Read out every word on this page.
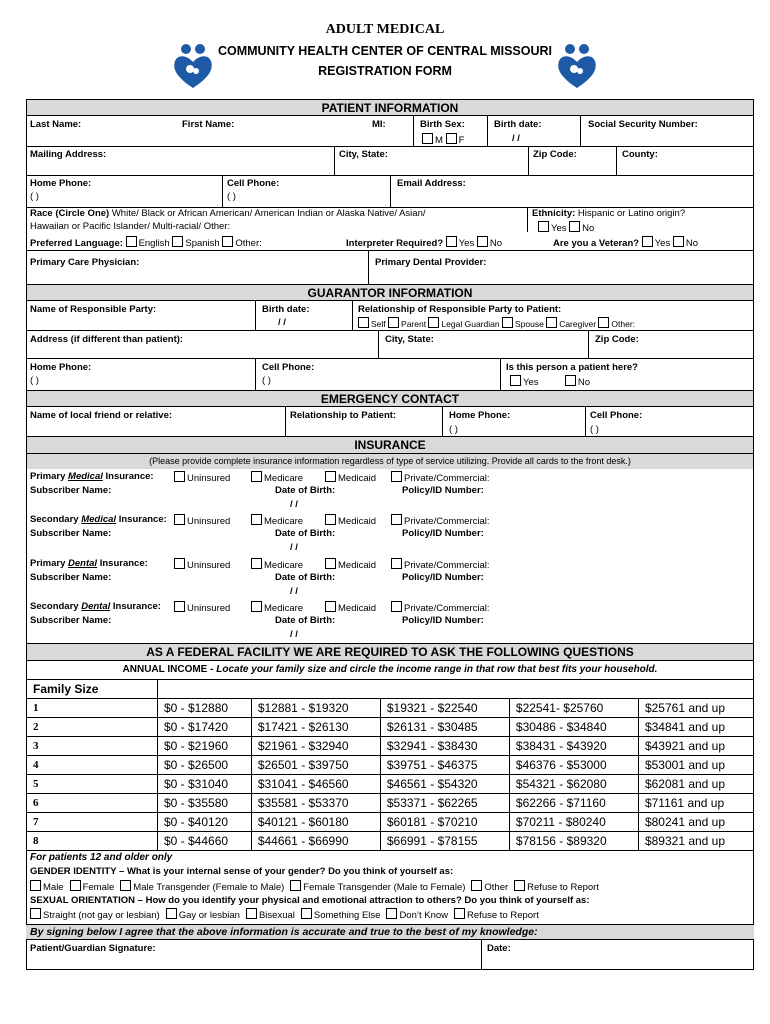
ADULT MEDICAL
COMMUNITY HEALTH CENTER OF CENTRAL MISSOURI
REGISTRATION FORM
PATIENT INFORMATION
Last Name:	First Name:	MI:	Birth Sex:
M F
Birth date:
/ /
Social Security Number:
Mailing Address:	City, State:	Zip Code:	County:
Home Phone:
( )
Cell Phone:
( )
Email Address:
Race (Circle One) White/ Black or African American/ American Indian or Alaska Native/ Asian/
Hawaiian or Pacific Islander/ Multi-racial/ Other:
Ethnicity: Hispanic or Latino origin?
Yes No
Preferred Language: English Spanish Other:	Interpreter Required? Yes No	Are you a Veteran? Yes No
Primary Care Physician:	Primary Dental Provider:
GUARANTOR INFORMATION
Name of Responsible Party:	Birth date:
/ /
Relationship of Responsible Party to Patient:
Self Parent Legal Guardian Spouse Caregiver Other:
Address (if different than patient):	City, State:	Zip Code:
Home Phone:
( )
Cell Phone:
( )
Is this person a patient here?
Yes	No
EMERGENCY CONTACT
Name of local friend or relative:	Relationship to Patient:	Home Phone:
( )
Cell Phone:
( )
INSURANCE
(Please provide complete insurance information regardless of type of service utilizing. Provide all cards to the front desk.)
Primary Medical Insurance:	Uninsured	Medicare	Medicaid	Private/Commercial:
Subscriber Name:	Date of Birth:	Policy/ID Number:
/ /
Secondary Medical Insurance:	Uninsured	Medicare	Medicaid	Private/Commercial:
Subscriber Name:	Date of Birth:	Policy/ID Number:
/ /
Primary Dental Insurance:	Uninsured	Medicare	Medicaid	Private/Commercial:
Subscriber Name:	Date of Birth:	Policy/ID Number:
/ /
Secondary Dental Insurance:	Uninsured	Medicare	Medicaid	Private/Commercial:
Subscriber Name:	Date of Birth:	Policy/ID Number:
/ /
AS A FEDERAL FACILITY WE ARE REQUIRED TO ASK THE FOLLOWING QUESTIONS
ANNUAL INCOME - Locate your family size and circle the income range in that row that best fits your household.
Family Size					
1	$0 - $12880	$12881 - $19320	$19321 - $22540	$22541- $25760	$25761 and up
2	$0 - $17420	$17421 - $26130	$26131 - $30485	$30486 - $34840	$34841 and up
3	$0 - $21960	$21961 - $32940	$32941 - $38430	$38431 - $43920	$43921 and up
4	$0 - $26500	$26501 - $39750	$39751 - $46375	$46376 - $53000	$53001 and up
5	$0 - $31040	$31041 - $46560	$46561 - $54320	$54321 - $62080	$62081 and up
6	$0 - $35580	$35581 - $53370	$53371 - $62265	$62266 - $71160	$71161 and up
7	$0 - $40120	$40121 - $60180	$60181 - $70210	$70211 - $80240	$80241 and up
8	$0 - $44660	$44661 - $66990	$66991 - $78155	$78156 - $89320	$89321 and up
For patients 12 and older only
GENDER IDENTITY – What is your internal sense of your gender? Do you think of yourself as:
Male Female Male Transgender (Female to Male) Female Transgender (Male to Female) Other Refuse to Report
SEXUAL ORIENTATION – How do you identify your physical and emotional attraction to others? Do you think of yourself as:
Straight (not gay or lesbian) Gay or lesbian Bisexual Something Else Don’t Know Refuse to Report
By signing below I agree that the above information is accurate and true to the best of my knowledge:
Patient/Guardian Signature:	Date:
